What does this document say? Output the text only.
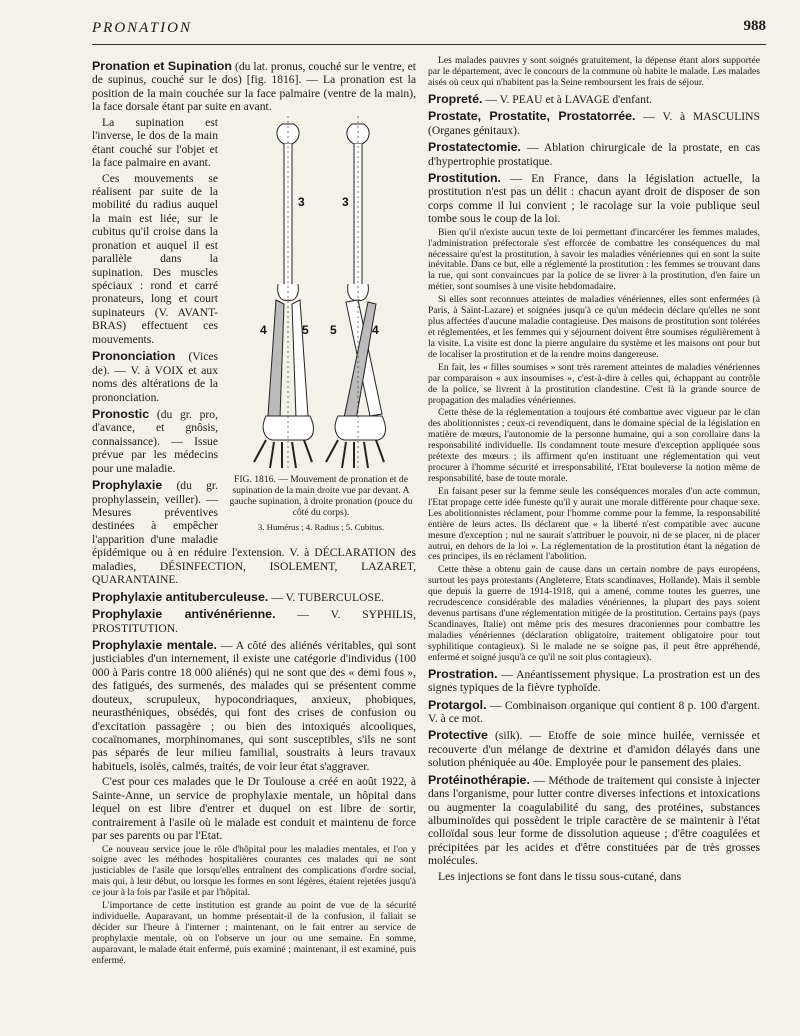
PRONATION	988

Pronation et Supination (du lat. pronus, couché sur le ventre, et de supinus, couché sur le dos) [fig. 1816]. — La pronation est la position de la main couchée sur la face palmaire (ventre de la main), la face dorsale étant par suite en avant.

3	3
4	5 5	4
FIG. 1816. — Mouvement de pronation et de supination de la main droite vue par devant. A gauche supination, à droite pronation (pouce du côté du corps).
3. Humérus ; 4. Radius ; 5. Cubitus.

La supination est l'inverse, le dos de la main étant couché sur l'objet et la face palmaire en avant.

Ces mouvements se réalisent par suite de la mobilité du radius auquel la main est liée, sur le cubitus qu'il croise dans la pronation et auquel il est parallèle dans la supination. Des muscles spéciaux : rond et carré pronateurs, long et court supinateurs (V. AVANT-BRAS) effectuent ces mouvements.

Prononciation (Vices de). — V. à VOIX et aux noms des altérations de la prononciation.

Pronostic (du gr. pro, d'avance, et gnôsis, connaissance). — Issue prévue par les médecins pour une maladie.

Prophylaxie (du gr. prophylassein, veiller). — Mesures préventives destinées à empêcher l'apparition d'une maladie épidémique ou à en réduire l'extension. V. à DÉCLARATION des maladies, DÉSINFECTION, ISOLEMENT, LAZARET, QUARANTAINE.

Prophylaxie antituberculeuse. — V. TUBERCULOSE.

Prophylaxie antivénérienne. — V. SYPHILIS, PROSTITUTION.

Prophylaxie mentale. — A côté des aliénés véritables, qui sont justiciables d'un internement, il existe une catégorie d'individus (100 000 à Paris contre 18 000 aliénés) qui ne sont que des « demi fous », des fatigués, des surmenés, des malades qui se présentent comme douteux, scrupuleux, hypocondriaques, anxieux, phobiques, neurasthéniques, obsédés, qui font des crises de confusion ou d'excitation passagère ; ou bien des intoxiqués alcooliques, cocaïnomanes, morphinomanes, qui sont susceptibles, s'ils ne sont pas séparés de leur milieu familial, soustraits à leurs travaux habituels, isolés, calmés, traités, de voir leur état s'aggraver.

C'est pour ces malades que le Dr Toulouse a créé en août 1922, à Sainte-Anne, un service de prophylaxie mentale, un hôpital dans lequel on est libre d'entrer et duquel on est libre de sortir, contrairement à l'asile où le malade est conduit et maintenu de force par ses parents ou par l'Etat.

Ce nouveau service joue le rôle d'hôpital pour les maladies mentales, et l'on y soigne avec les méthodes hospitalières courantes ces malades qui ne sont justiciables de l'asile que lorsqu'elles entraînent des complications d'ordre social, mais qui, à leur début, ou lorsque les formes en sont légères, étaient rejetées jusqu'à ce jour à la fois par l'asile et par l'hôpital.

L'importance de cette institution est grande au point de vue de la sécurité individuelle. Auparavant, un homme présentait-il de la confusion, il fallait se décider sur l'heure à l'interner ; maintenant, on le fait entrer au service de prophylaxie mentale, où on l'observe un jour ou une semaine. En somme, auparavant, le malade était enfermé, puis examiné ; maintenant, il est examiné, puis enfermé.

Les malades pauvres y sont soignés gratuitement, la dépense étant alors supportée par le département, avec le concours de la commune où habite le malade. Les malades aisés où ceux qui n'habitent pas la Seine remboursent les frais de séjour.

Propreté. — V. PEAU et à LAVAGE d'enfant.

Prostate, Prostatite, Prostatorrée. — V. à MASCULINS (Organes génitaux).

Prostatectomie. — Ablation chirurgicale de la prostate, en cas d'hypertrophie prostatique.

Prostitution. — En France, dans la législation actuelle, la prostitution n'est pas un délit : chacun ayant droit de disposer de son corps comme il lui convient ; le racolage sur la voie publique seul tombe sous le coup de la loi.

Bien qu'il n'existe aucun texte de loi permettant d'incarcérer les femmes malades, l'administration préfectorale s'est efforcée de combattre les conséquences du mal nécessaire qu'est la prostitution, à savoir les maladies vénériennes qui en sont la suite inévitable. Dans ce but, elle a réglementé la prostitution : les femmes se trouvant dans la rue, qui sont convaincues par la police de se livrer à la prostitution, d'en faire un métier, sont soumises à une visite hebdomadaire.

Si elles sont reconnues atteintes de maladies vénériennes, elles sont enfermées (à Paris, à Saint-Lazare) et soignées jusqu'à ce qu'un médecin déclare qu'elles ne sont plus affectées d'aucune maladie contagieuse. Des maisons de prostitution sont tolérées et réglementées, et les femmes qui y séjournent doivent être soumises régulièrement à la visite. La visite est donc la pierre angulaire du système et les maisons ont pour but de localiser la prostitution et de la rendre moins dangereuse.

En fait, les « filles soumises » sont très rarement atteintes de maladies vénériennes par comparaison « aux insoumises », c'est-à-dire à celles qui, échappant au contrôle de la police, se livrent à la prostitution clandestine. C'est là la grande source de propagation des maladies vénériennes.

Cette thèse de la réglementation a toujours été combattue avec vigueur par le clan des abolitionnistes ; ceux-ci revendiquent, dans le domaine spécial de la législation en matière de mœurs, l'autonomie de la personne humaine, qui a son corollaire dans la responsabilité individuelle. Ils condamnent toute mesure d'exception appliquée sous prétexte des mœurs ; ils affirment qu'en instituant une réglementation qui veut procurer à l'homme sécurité et irresponsabilité, l'Etat bouleverse la notion même de responsabilité, base de toute morale.

En faisant peser sur la femme seule les conséquences morales d'un acte commun, l'Etat propage cette idée funeste qu'il y aurait une morale différente pour chaque sexe. Les abolitionnistes réclament, pour l'homme comme pour la femme, la responsabilité entière de leurs actes. Ils déclarent que « la liberté n'est compatible avec aucune mesure d'exception ; nul ne saurait s'attribuer le pouvoir, ni de se placer, ni de placer autrui, en dehors de la loi ». La réglementation de la prostitution étant la négation de ces principes, ils en réclament l'abolition.

Cette thèse a obtenu gain de cause dans un certain nombre de pays européens, surtout les pays protestants (Angleterre, Etats scandinaves, Hollande). Mais il semble que depuis la guerre de 1914-1918, qui a amené, comme toutes les guerres, une recrudescence considérable des maladies vénériennes, la plupart des pays soient devenus partisans d'une réglementation mitigée de la prostitution. Certains pays (pays Scandinaves, Italie) ont même pris des mesures draconiennes pour combattre les maladies vénériennes (déclaration obligatoire, traitement obligatoire pour tout syphilitique contagieux). Si le malade ne se soigne pas, il peut être appréhendé, enfermé et soigné jusqu'à ce qu'il ne soit plus contagieux).

Prostration. — Anéantissement physique. La prostration est un des signes typiques de la fièvre typhoïde.

Protargol. — Combinaison organique qui contient 8 p. 100 d'argent. V. à ce mot.

Protective (silk). — Etoffe de soie mince huilée, vernissée et recouverte d'un mélange de dextrine et d'amidon délayés dans une solution phéniquée au 40e. Employée pour le pansement des plaies.

Protéinothérapie. — Méthode de traitement qui consiste à injecter dans l'organisme, pour lutter contre diverses infections et intoxications ou augmenter la coagulabilité du sang, des protéines, substances albuminoïdes qui possèdent le triple caractère de se maintenir à l'état colloïdal sous leur forme de dissolution aqueuse ; d'être coagulées et précipitées par les acides et d'être constituées par de très grosses molécules.

Les injections se font dans le tissu sous-cutané, dans
